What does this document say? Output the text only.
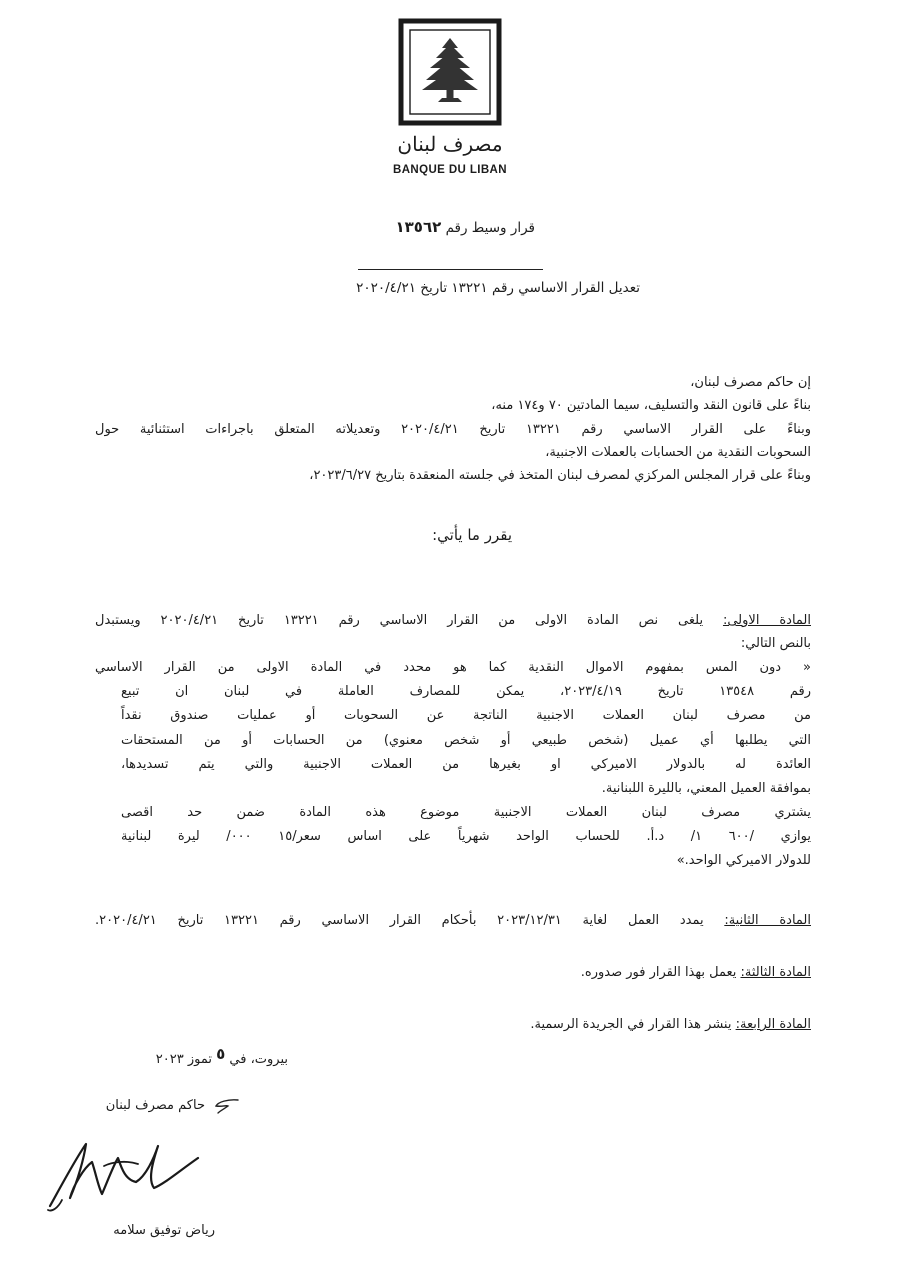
مصرف لبنان
BANQUE DU LIBAN
قرار وسيط رقم ١٣٥٦٢
تعديل القرار الاساسي رقم ١٣٢٢١ تاريخ ٢٠٢٠/٤/٢١
إن حاكم مصرف لبنان،
بناءً على قانون النقد والتسليف، سيما المادتين ٧٠ و١٧٤ منه،
وبناءً على القرار الاساسي رقم ١٣٢٢١ تاريخ ٢٠٢٠/٤/٢١ وتعديلاته المتعلق باجراءات استثنائية حول
السحوبات النقدية من الحسابات بالعملات الاجنبية،
وبناءً على قرار المجلس المركزي لمصرف لبنان المتخذ في جلسته المنعقدة بتاريخ ٢٠٢٣/٦/٢٧،
يقرر ما يأتي:
المادة الاولى: يلغى نص المادة الاولى من القرار الاساسي رقم ١٣٢٢١ تاريخ ٢٠٢٠/٤/٢١ ويستبدل
بالنص التالي:
« دون المس بمفهوم الاموال النقدية كما هو محدد في المادة الاولى من القرار الاساسي
رقم ١٣٥٤٨ تاريخ ٢٠٢٣/٤/١٩، يمكن للمصارف العاملة في لبنان ان تبيع
من مصرف لبنان العملات الاجنبية الناتجة عن السحوبات أو عمليات صندوق نقداً
التي يطلبها أي عميل (شخص طبيعي أو شخص معنوي) من الحسابات أو من المستحقات
العائدة له بالدولار الاميركي او بغيرها من العملات الاجنبية والتي يتم تسديدها،
بموافقة العميل المعني، بالليرة اللبنانية.
يشتري مصرف لبنان العملات الاجنبية موضوع هذه المادة ضمن حد اقصى
يوازي /٦٠٠ ١/ د.أ. للحساب الواحد شهرياً على اساس سعر/١٥ ٠٠٠/ ليرة لبنانية
للدولار الاميركي الواحد.»
المادة الثانية: يمدد العمل لغاية ٢٠٢٣/١٢/٣١ بأحكام القرار الاساسي رقم ١٣٢٢١ تاريخ ٢٠٢٠/٤/٢١.
المادة الثالثة: يعمل بهذا القرار فور صدوره.
المادة الرابعة: ينشر هذا القرار في الجريدة الرسمية.
بيروت، في ٥ تموز ٢٠٢٣
حاكم مصرف لبنان
رياض توفيق سلامه
